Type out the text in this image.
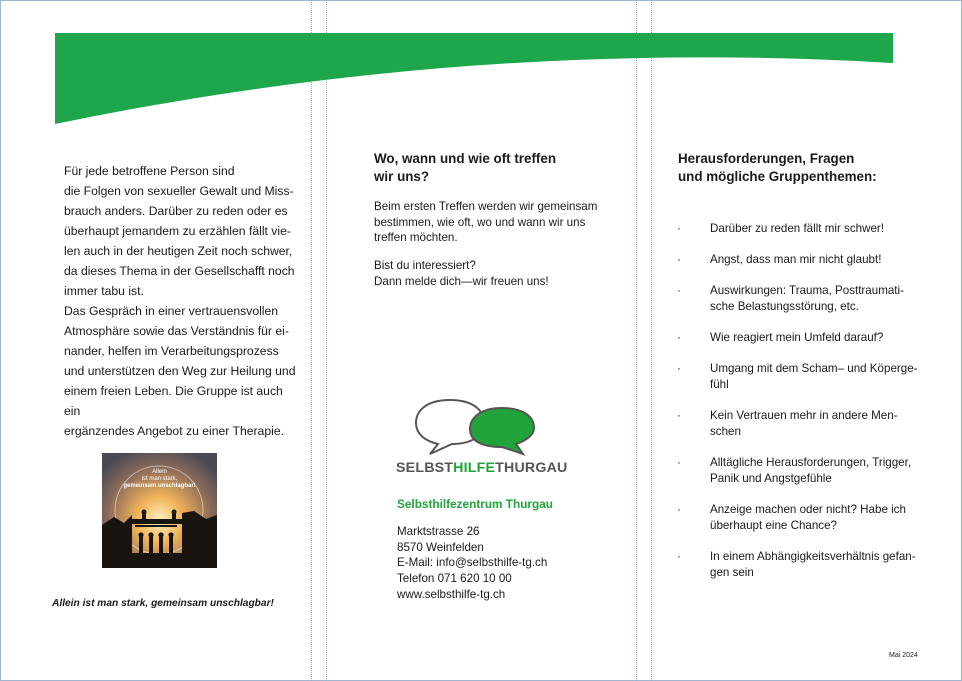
Für jede betroffene Person sind
die Folgen von sexueller Gewalt und Miss-
brauch anders. Darüber zu reden oder es
überhaupt jemandem zu erzählen fällt vie-
len auch in der heutigen Zeit noch schwer,
da dieses Thema in der Gesellschafft noch
immer tabu ist.
Das Gespräch in einer vertrauensvollen
Atmosphäre sowie das Verständnis für ei-
nander, helfen im Verarbeitungsprozess
und unterstützen den Weg zur Heilung und
einem freien Leben. Die Gruppe ist auch ein
ergänzendes Angebot zu einer Therapie.
Allein
ist man stark,
gemeinsam unschlagbar!
Allein ist man stark, gemeinsam unschlagbar!
Wo, wann und wie oft treffen
wir uns?
Beim ersten Treffen werden wir gemeinsam
bestimmen, wie oft, wo und wann wir uns
treffen möchten.
Bist du interessiert?
Dann melde dich—wir freuen uns!
SELBSTHILFETHURGAU
Selbsthilfezentrum Thurgau
Marktstrasse 26
8570 Weinfelden
E-Mail: info@selbsthilfe-tg.ch
Telefon 071 620 10 00
www.selbsthilfe-tg.ch
Herausforderungen, Fragen
und mögliche Gruppenthemen:
·	Darüber zu reden fällt mir schwer!
·	Angst, dass man mir nicht glaubt!
·	Auswirkungen: Trauma, Posttraumati-
sche Belastungsstörung, etc.
·	Wie reagiert mein Umfeld darauf?
·	Umgang mit dem Scham– und Köperge-
fühl
·	Kein Vertrauen mehr in andere Men-
schen
·	Alltägliche Herausforderungen, Trigger,
Panik und Angstgefühle
·	Anzeige machen oder nicht? Habe ich
überhaupt eine Chance?
·	In einem Abhängigkeitsverhältnis gefan-
gen sein
Mai 2024
